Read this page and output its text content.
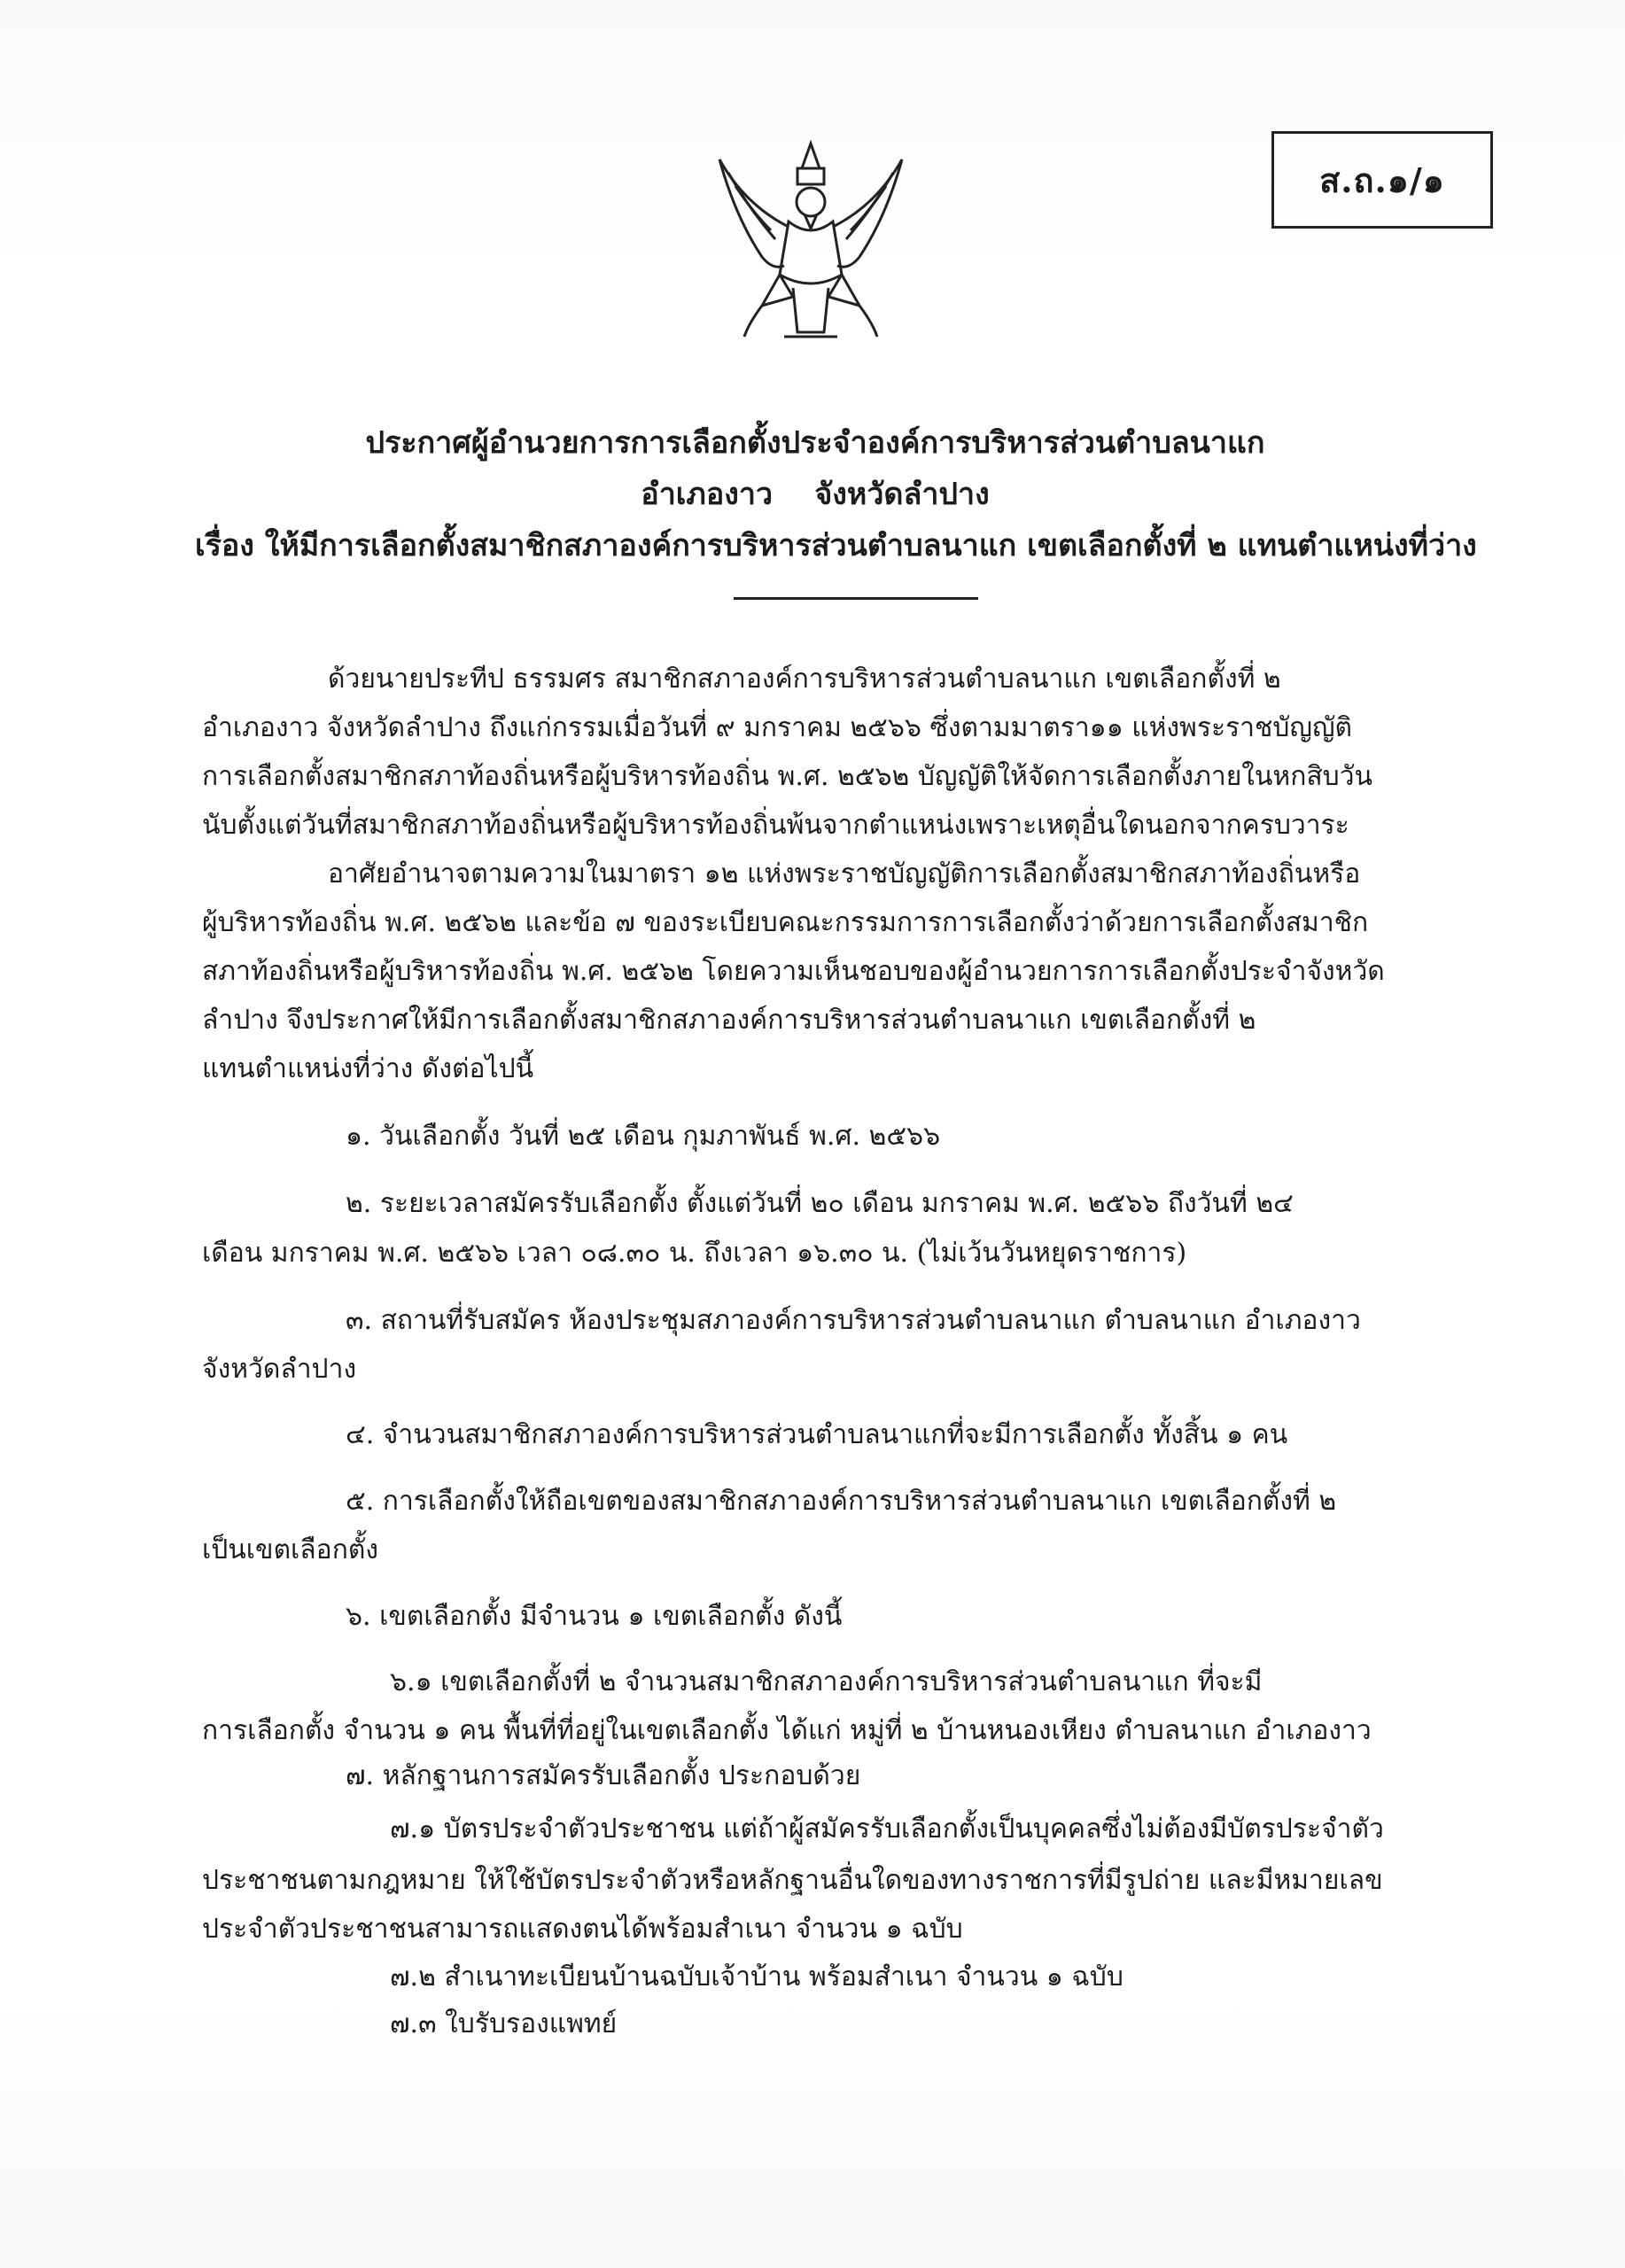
ส.ถ.๑/๑
ประกาศผู้อำนวยการการเลือกตั้งประจำองค์การบริหารส่วนตำบลนาแก
อำเภองาว    จังหวัดลำปาง
เรื่อง ให้มีการเลือกตั้งสมาชิกสภาองค์การบริหารส่วนตำบลนาแก เขตเลือกตั้งที่ ๒ แทนตำแหน่งที่ว่าง
ด้วยนายประทีป ธรรมศร สมาชิกสภาองค์การบริหารส่วนตำบลนาแก เขตเลือกตั้งที่ ๒
อำเภองาว จังหวัดลำปาง ถึงแก่กรรมเมื่อวันที่ ๙ มกราคม ๒๕๖๖ ซึ่งตามมาตรา๑๑ แห่งพระราชบัญญัติ
การเลือกตั้งสมาชิกสภาท้องถิ่นหรือผู้บริหารท้องถิ่น พ.ศ. ๒๕๖๒ บัญญัติให้จัดการเลือกตั้งภายในหกสิบวัน
นับตั้งแต่วันที่สมาชิกสภาท้องถิ่นหรือผู้บริหารท้องถิ่นพ้นจากตำแหน่งเพราะเหตุอื่นใดนอกจากครบวาระ
อาศัยอำนาจตามความในมาตรา ๑๒ แห่งพระราชบัญญัติการเลือกตั้งสมาชิกสภาท้องถิ่นหรือ
ผู้บริหารท้องถิ่น พ.ศ. ๒๕๖๒ และข้อ ๗ ของระเบียบคณะกรรมการการเลือกตั้งว่าด้วยการเลือกตั้งสมาชิก
สภาท้องถิ่นหรือผู้บริหารท้องถิ่น พ.ศ. ๒๕๖๒ โดยความเห็นชอบของผู้อำนวยการการเลือกตั้งประจำจังหวัด
ลำปาง จึงประกาศให้มีการเลือกตั้งสมาชิกสภาองค์การบริหารส่วนตำบลนาแก เขตเลือกตั้งที่ ๒
แทนตำแหน่งที่ว่าง ดังต่อไปนี้
๑. วันเลือกตั้ง วันที่ ๒๕ เดือน กุมภาพันธ์ พ.ศ. ๒๕๖๖
๒. ระยะเวลาสมัครรับเลือกตั้ง ตั้งแต่วันที่ ๒๐ เดือน มกราคม พ.ศ. ๒๕๖๖ ถึงวันที่ ๒๔
เดือน มกราคม พ.ศ. ๒๕๖๖ เวลา ๐๘.๓๐ น. ถึงเวลา ๑๖.๓๐ น. (ไม่เว้นวันหยุดราชการ)
๓. สถานที่รับสมัคร ห้องประชุมสภาองค์การบริหารส่วนตำบลนาแก ตำบลนาแก อำเภองาว
จังหวัดลำปาง
๔. จำนวนสมาชิกสภาองค์การบริหารส่วนตำบลนาแกที่จะมีการเลือกตั้ง ทั้งสิ้น ๑ คน
๕. การเลือกตั้งให้ถือเขตของสมาชิกสภาองค์การบริหารส่วนตำบลนาแก เขตเลือกตั้งที่ ๒
เป็นเขตเลือกตั้ง
๖. เขตเลือกตั้ง มีจำนวน ๑ เขตเลือกตั้ง ดังนี้
๖.๑ เขตเลือกตั้งที่ ๒ จำนวนสมาชิกสภาองค์การบริหารส่วนตำบลนาแก ที่จะมี
การเลือกตั้ง จำนวน ๑ คน พื้นที่ที่อยู่ในเขตเลือกตั้ง ได้แก่ หมู่ที่ ๒ บ้านหนองเหียง ตำบลนาแก อำเภองาว
๗. หลักฐานการสมัครรับเลือกตั้ง ประกอบด้วย
๗.๑ บัตรประจำตัวประชาชน แต่ถ้าผู้สมัครรับเลือกตั้งเป็นบุคคลซึ่งไม่ต้องมีบัตรประจำตัว
ประชาชนตามกฎหมาย ให้ใช้บัตรประจำตัวหรือหลักฐานอื่นใดของทางราชการที่มีรูปถ่าย และมีหมายเลข
ประจำตัวประชาชนสามารถแสดงตนได้พร้อมสำเนา จำนวน ๑ ฉบับ
๗.๒ สำเนาทะเบียนบ้านฉบับเจ้าบ้าน พร้อมสำเนา จำนวน ๑ ฉบับ
๗.๓ ใบรับรองแพทย์
